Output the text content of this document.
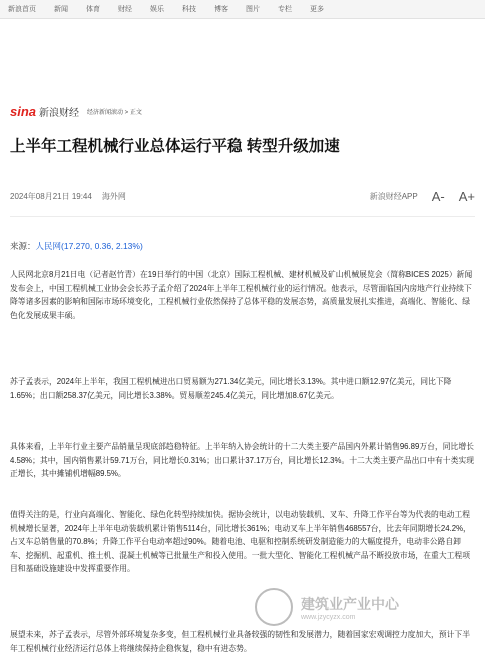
新浪首页	新闻	体育	财经	娱乐	科技	博客	图片	专栏	更多
sina 新浪财经 经济新闻滚动 > 正文
上半年工程机械行业总体运行平稳 转型升级加速
2024年08月21日 19:44 海外网	新浪财经APP A- A+
来源：人民网(17.270, 0.36, 2.13%)
人民网北京8月21日电（记者赵竹青）在19日举行的中国（北京）国际工程机械、建材机械及矿山机械展览会（简称BICES 2025）新闻发布会上，中国工程机械工业协会会长苏子孟介绍了2024年上半年工程机械行业的运行情况。他表示，尽管面临国内房地产行业持续下降等诸多因素的影响和国际市场环境变化，工程机械行业依然保持了总体平稳的发展态势，高质量发展扎实推进，高端化、智能化、绿色化发展成果丰硕。
苏子孟表示，2024年上半年，我国工程机械进出口贸易额为271.34亿美元，同比增长3.13%。其中进口额12.97亿美元，同比下降1.65%；出口额258.37亿美元，同比增长3.38%。贸易顺差245.4亿美元，同比增加8.67亿美元。
具体来看，上半年行业主要产品销量呈现底部趋稳特征。上半年纳入协会统计的十二大类主要产品国内外累计销售96.89万台，同比增长4.58%；其中，国内销售累计59.71万台，同比增长0.31%；出口累计37.17万台，同比增长12.3%。十二大类主要产品出口中有十类实现正增长，其中摊铺机增幅89.5%。
值得关注的是，行业向高端化、智能化、绿色化转型持续加快。据协会统计，以电动装载机、叉车、升降工作平台等为代表的电动工程机械增长显著，2024年上半年电动装载机累计销售5114台，同比增长361%；电动叉车上半年销售468557台，比去年同期增长24.2%，占叉车总销售量的70.8%；升降工作平台电动率超过90%。随着电池、电驱和控制系统研发制造能力的大幅度提升，电动非公路自卸车、挖掘机、起重机、推土机、混凝土机械等已批量生产和投入使用。一批大型化、智能化工程机械产品不断投放市场，在重大工程项目和基础设施建设中发挥重要作用。
展望未来，苏子孟表示，尽管外部环境复杂多变，但工程机械行业具备较强的韧性和发展潜力，随着国家宏观调控力度加大，预计下半年工程机械行业经济运行总体上将继续保持企稳恢复，稳中有进态势。
建筑业产业中心
www.jzycyzx.com
